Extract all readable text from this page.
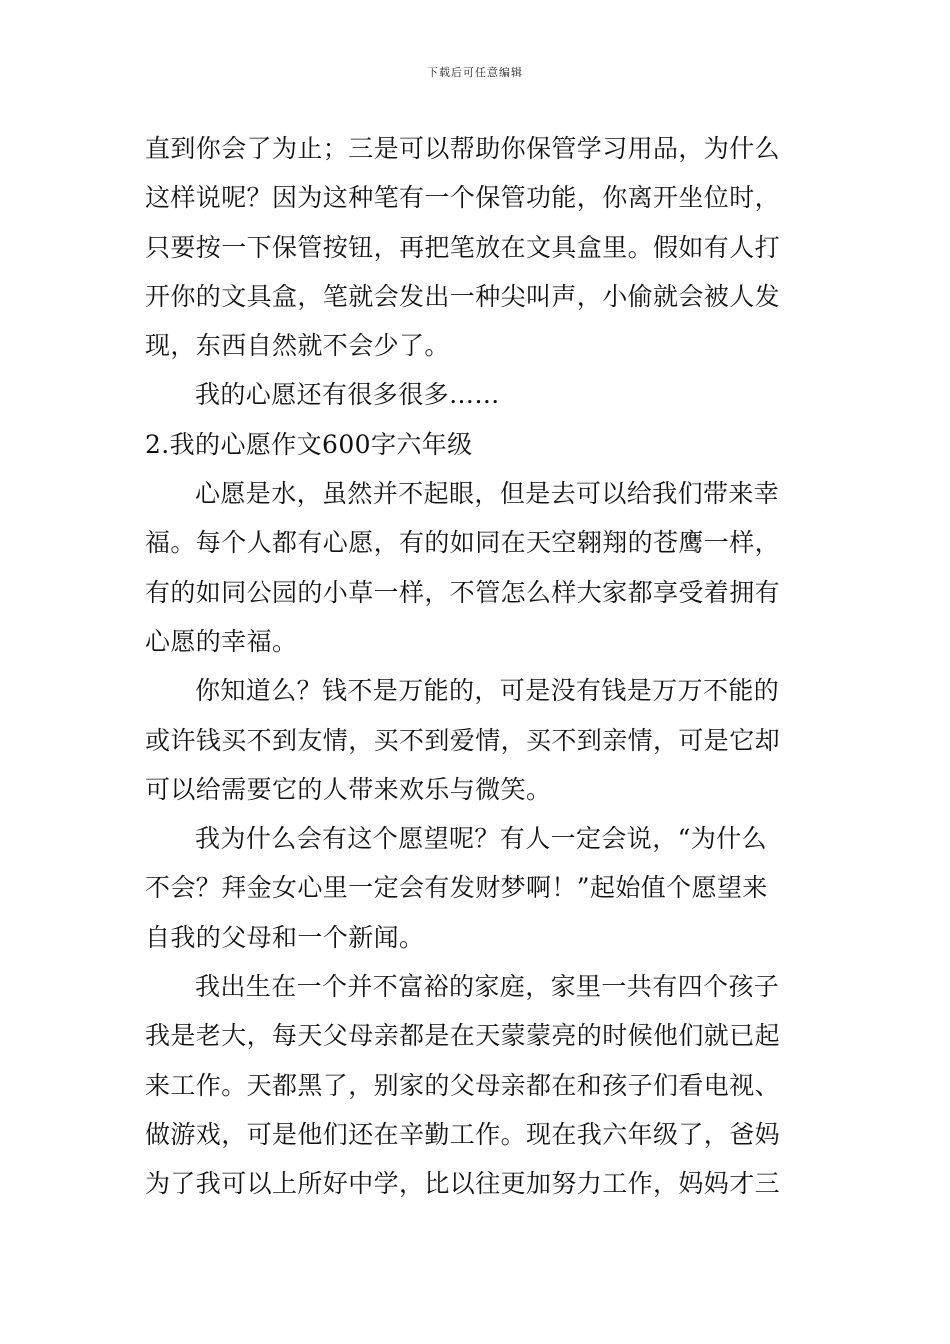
下载后可任意编辑
直到你会了为止；三是可以帮助你保管学习用品，为什么
这样说呢？因为这种笔有一个保管功能，你离开坐位时，
只要按一下保管按钮，再把笔放在文具盒里。假如有人打
开你的文具盒，笔就会发出一种尖叫声，小偷就会被人发
现，东西自然就不会少了。
我的心愿还有很多很多……
2.我的心愿作文600字六年级
心愿是水，虽然并不起眼，但是去可以给我们带来幸
福。每个人都有心愿，有的如同在天空翱翔的苍鹰一样，
有的如同公园的小草一样，不管怎么样大家都享受着拥有
心愿的幸福。
你知道么？钱不是万能的，可是没有钱是万万不能的
或许钱买不到友情，买不到爱情，买不到亲情，可是它却
可以给需要它的人带来欢乐与微笑。
我为什么会有这个愿望呢？有人一定会说，“为什么
不会？拜金女心里一定会有发财梦啊！”起始值个愿望来
自我的父母和一个新闻。
我出生在一个并不富裕的家庭，家里一共有四个孩子
我是老大，每天父母亲都是在天蒙蒙亮的时候他们就已起
来工作。天都黑了，别家的父母亲都在和孩子们看电视、
做游戏，可是他们还在辛勤工作。现在我六年级了，爸妈
为了我可以上所好中学，比以往更加努力工作，妈妈才三
